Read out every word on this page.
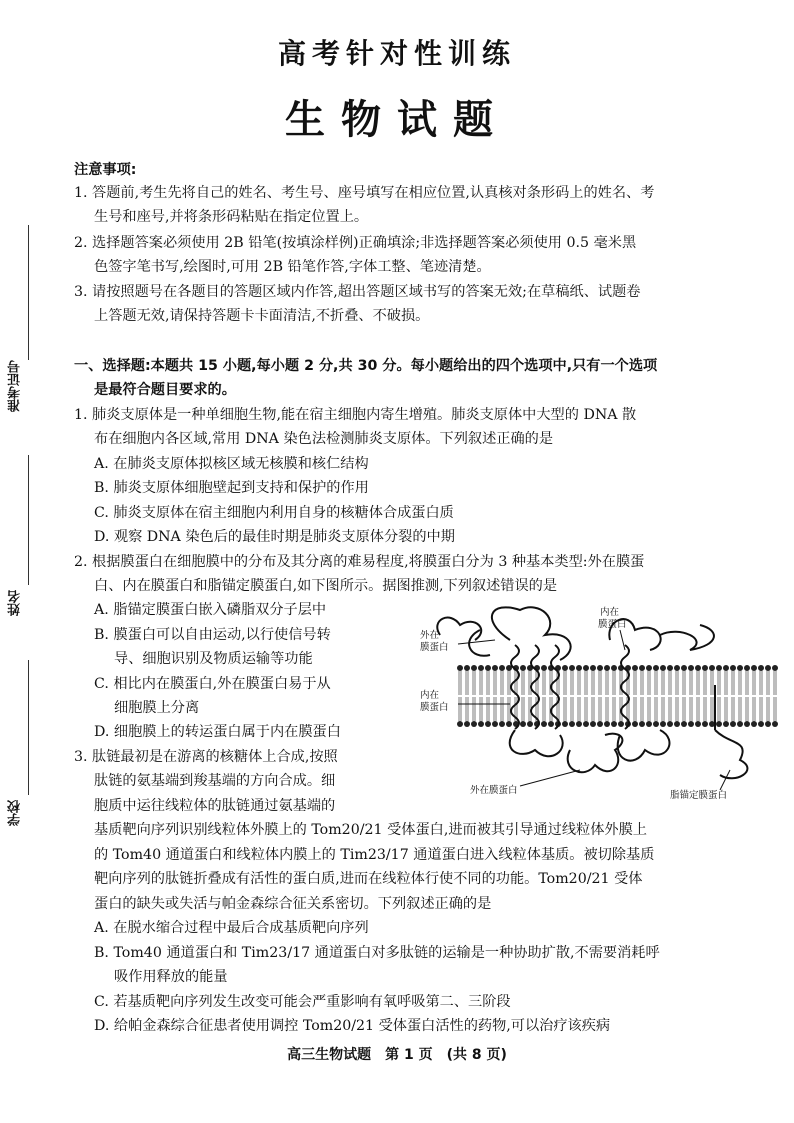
高考针对性训练
生物试题
准考证号
姓名
学校
注意事项:
1. 答题前,考生先将自己的姓名、考生号、座号填写在相应位置,认真核对条形码上的姓名、考
生号和座号,并将条形码粘贴在指定位置上。
2. 选择题答案必须使用 2B 铅笔(按填涂样例)正确填涂;非选择题答案必须使用 0.5 毫米黑
色签字笔书写,绘图时,可用 2B 铅笔作答,字体工整、笔迹清楚。
3. 请按照题号在各题目的答题区域内作答,超出答题区域书写的答案无效;在草稿纸、试题卷
上答题无效,请保持答题卡卡面清洁,不折叠、不破损。
一、选择题:本题共 15 小题,每小题 2 分,共 30 分。每小题给出的四个选项中,只有一个选项
是最符合题目要求的。
1. 肺炎支原体是一种单细胞生物,能在宿主细胞内寄生增殖。肺炎支原体中大型的 DNA 散
布在细胞内各区域,常用 DNA 染色法检测肺炎支原体。下列叙述正确的是
A. 在肺炎支原体拟核区域无核膜和核仁结构
B. 肺炎支原体细胞壁起到支持和保护的作用
C. 肺炎支原体在宿主细胞内利用自身的核糖体合成蛋白质
D. 观察 DNA 染色后的最佳时期是肺炎支原体分裂的中期
2. 根据膜蛋白在细胞膜中的分布及其分离的难易程度,将膜蛋白分为 3 种基本类型:外在膜蛋
白、内在膜蛋白和脂锚定膜蛋白,如下图所示。据图推测,下列叙述错误的是
A. 脂锚定膜蛋白嵌入磷脂双分子层中
B. 膜蛋白可以自由运动,以行使信号转
导、细胞识别及物质运输等功能
C. 相比内在膜蛋白,外在膜蛋白易于从
细胞膜上分离
D. 细胞膜上的转运蛋白属于内在膜蛋白
外在
膜蛋白
内在
膜蛋白
内在
膜蛋白
外在膜蛋白	脂锚定膜蛋白
3. 肽链最初是在游离的核糖体上合成,按照
肽链的氨基端到羧基端的方向合成。细
胞质中运往线粒体的肽链通过氨基端的
基质靶向序列识别线粒体外膜上的 Tom20/21 受体蛋白,进而被其引导通过线粒体外膜上
的 Tom40 通道蛋白和线粒体内膜上的 Tim23/17 通道蛋白进入线粒体基质。被切除基质
靶向序列的肽链折叠成有活性的蛋白质,进而在线粒体行使不同的功能。Tom20/21 受体
蛋白的缺失或失活与帕金森综合征关系密切。下列叙述正确的是
A. 在脱水缩合过程中最后合成基质靶向序列
B. Tom40 通道蛋白和 Tim23/17 通道蛋白对多肽链的运输是一种协助扩散,不需要消耗呼
吸作用释放的能量
C. 若基质靶向序列发生改变可能会严重影响有氧呼吸第二、三阶段
D. 给帕金森综合征患者使用调控 Tom20/21 受体蛋白活性的药物,可以治疗该疾病
高三生物试题　第 1 页　(共 8 页)
